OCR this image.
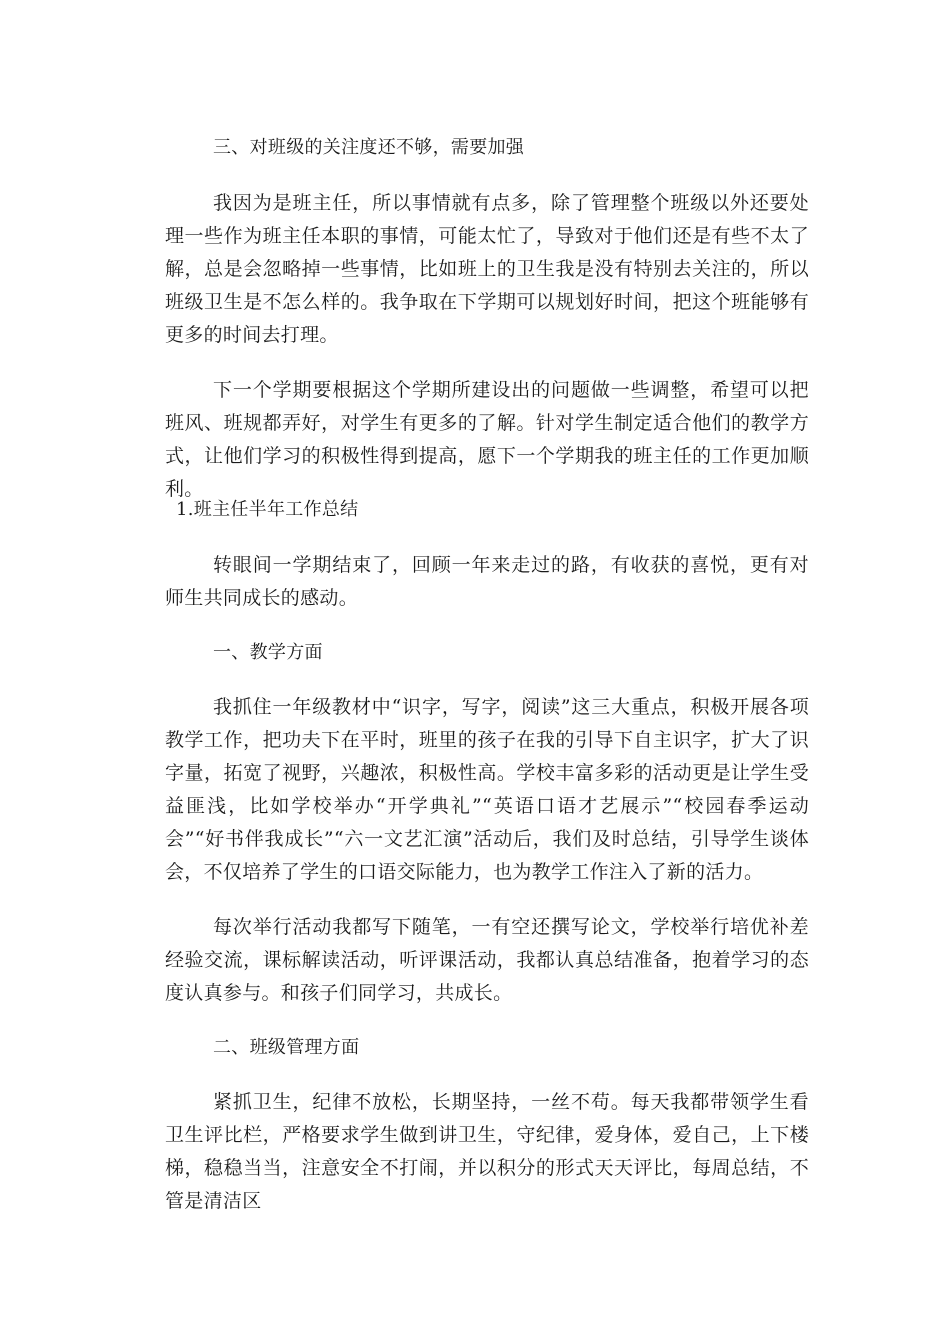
三、对班级的关注度还不够，需要加强

我因为是班主任，所以事情就有点多，除了管理整个班级以外还要处理一些作为班主任本职的事情，可能太忙了，导致对于他们还是有些不太了解，总是会忽略掉一些事情，比如班上的卫生我是没有特别去关注的，所以班级卫生是不怎么样的。我争取在下学期可以规划好时间，把这个班能够有更多的时间去打理。

下一个学期要根据这个学期所建设出的问题做一些调整，希望可以把班风、班规都弄好，对学生有更多的了解。针对学生制定适合他们的教学方式，让他们学习的积极性得到提高，愿下一个学期我的班主任的工作更加顺利。

1.班主任半年工作总结

转眼间一学期结束了，回顾一年来走过的路，有收获的喜悦，更有对师生共同成长的感动。

一、教学方面

我抓住一年级教材中“识字，写字，阅读”这三大重点，积极开展各项教学工作，把功夫下在平时，班里的孩子在我的引导下自主识字，扩大了识字量，拓宽了视野，兴趣浓，积极性高。学校丰富多彩的活动更是让学生受益匪浅，比如学校举办“开学典礼”“英语口语才艺展示”“校园春季运动会”“好书伴我成长”“六一文艺汇演”活动后，我们及时总结，引导学生谈体会，不仅培养了学生的口语交际能力，也为教学工作注入了新的活力。

每次举行活动我都写下随笔，一有空还撰写论文，学校举行培优补差经验交流，课标解读活动，听评课活动，我都认真总结准备，抱着学习的态度认真参与。和孩子们同学习，共成长。

二、班级管理方面

紧抓卫生，纪律不放松，长期坚持，一丝不苟。每天我都带领学生看卫生评比栏，严格要求学生做到讲卫生，守纪律，爱身体，爱自己，上下楼梯，稳稳当当，注意安全不打闹，并以积分的形式天天评比，每周总结，不管是清洁区
